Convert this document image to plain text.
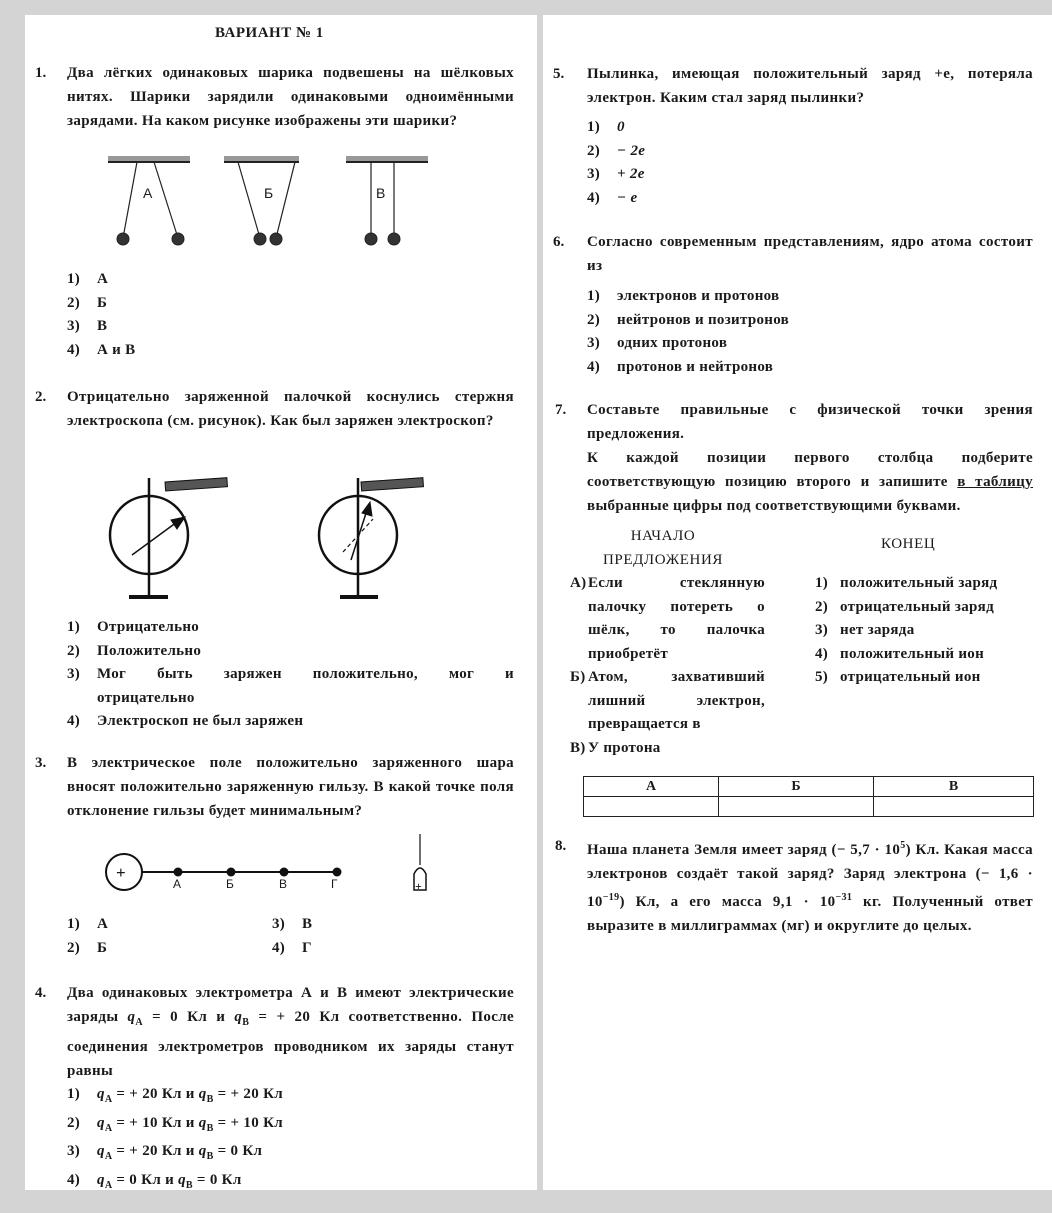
ВАРИАНТ № 1
1. Два лёгких одинаковых шарика подвешены на шёлковых нитях. Шарики зарядили одинаковыми одноимёнными зарядами. На каком рисунке изображены эти шарики?
А	Б	В
1)	А
2)	Б
3)	В
4)	А и В
2. Отрицательно заряженной палочкой коснулись стержня электроскопа (см. рисунок). Как был заряжен электроскоп?
1)	Отрицательно
2)	Положительно
3)	Мог быть заряжен положительно, мог и отрицательно
4)	Электроскоп не был заряжен
3. В электрическое поле положительно заряженного шара вносят положительно заряженную гильзу. В какой точке поля отклонение гильзы будет минимальным?
+
+
А	Б	В	Г
1)	А	3)	В
2)	Б	4)	Г
4. Два одинаковых электрометра А и В имеют электрические заряды $q_A = 0$ Кл и $q_B$ = + 20 Кл соответственно. После соединения электрометров проводником их заряды станут равны
1)	$q_A$ = + 20 Кл и $q_B$ = + 20 Кл
2)	$q_A$ = + 10 Кл и $q_B$ = + 10 Кл
3)	$q_A$ = + 20 Кл и $q_B = 0$ Кл
4)	$q_A = 0$ Кл и $q_B = 0$ Кл
5. Пылинка, имеющая положительный заряд +e, потеряла электрон. Каким стал заряд пылинки?
1)	0
2)	− 2e
3)	+ 2e
4)	− e
6. Согласно современным представлениям, ядро атома состоит из
1)	электронов и протонов
2)	нейтронов и позитронов
3)	одних протонов
4)	протонов и нейтронов
7. Составьте правильные с физической точки зрения предложения.
К каждой позиции первого столбца подберите соответствующую позицию второго и запишите в таблицу выбранные цифры под соответствующими буквами.
НАЧАЛО ПРЕДЛОЖЕНИЯ
КОНЕЦ
А) Если стеклянную палочку потереть о шёлк, то палочка приобретёт
Б) Атом, захвативший лишний электрон, превращается в
В) У протона
1) положительный заряд
2) отрицательный заряд
3) нет заряда
4) положительный ион
5) отрицательный ион
А	Б	В

8. Наша планета Земля имеет заряд (− $5,7 \cdot 10^5$) Кл. Какая масса электронов создаёт такой заряд? Заряд электрона (− $1,6 \cdot 10^{-19}$) Кл, а его масса $9,1 \cdot 10^{-31}$ кг. Полученный ответ выразите в миллиграммах (мг) и округлите до целых.
